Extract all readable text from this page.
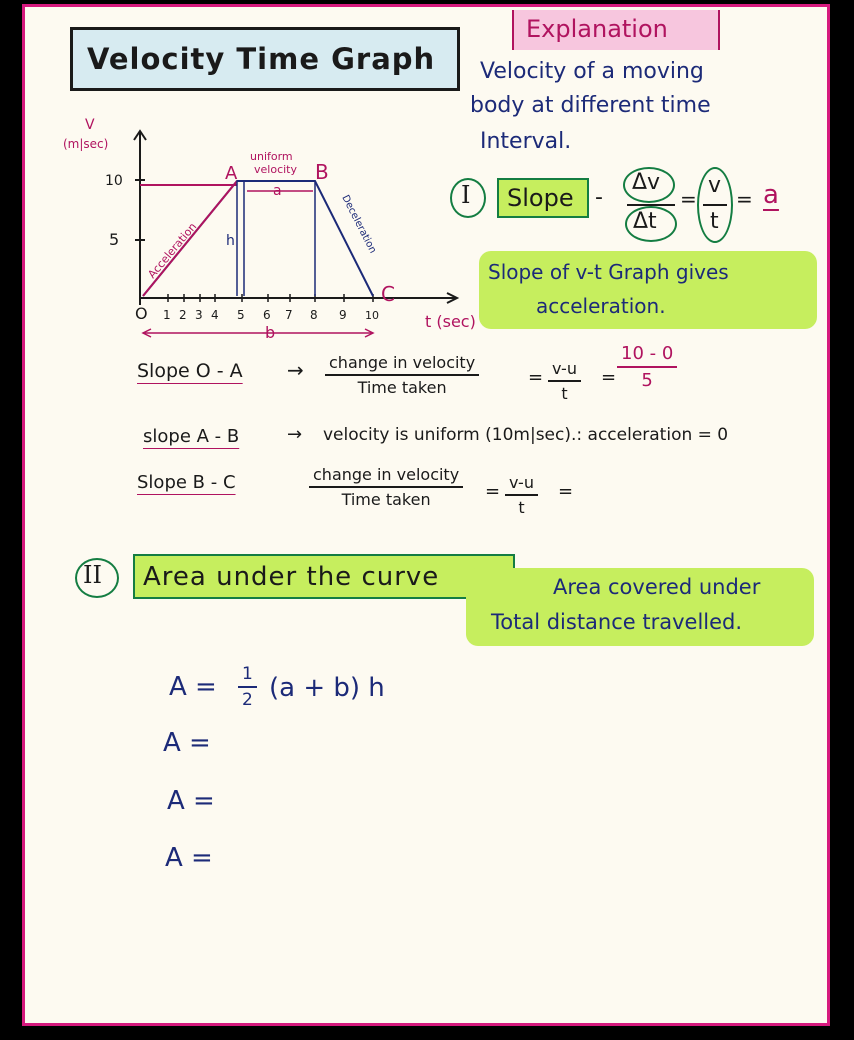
Velocity Time Graph
Explanation
Velocity of a moving
body at different time
Interval.
10
5
V
(m|sec)
1 2 3 4 5 6 7 8 9 10
O	t (sec)
a
b
h
A	B
C
uniform
velocity
Acceleration	Deceleration	I Slope -
Δv
Δt
=
v
t
= a
Slope of v-t Graph gives
acceleration.
Slope O - A → change in velocity
Time taken	= $\frac{v-u}{t} = \frac{10 - 0}{5}$
slope A - B	→ velocity is uniform (10m|sec).: acceleration = 0
Slope B - C	change in velocity
Time taken	= $\frac{v-u}{t}$ =
II Area under the curve	Area covered under
Total distance travelled.
$A = \frac{1}{2} (a + b)$ h
A =
A =
A =
